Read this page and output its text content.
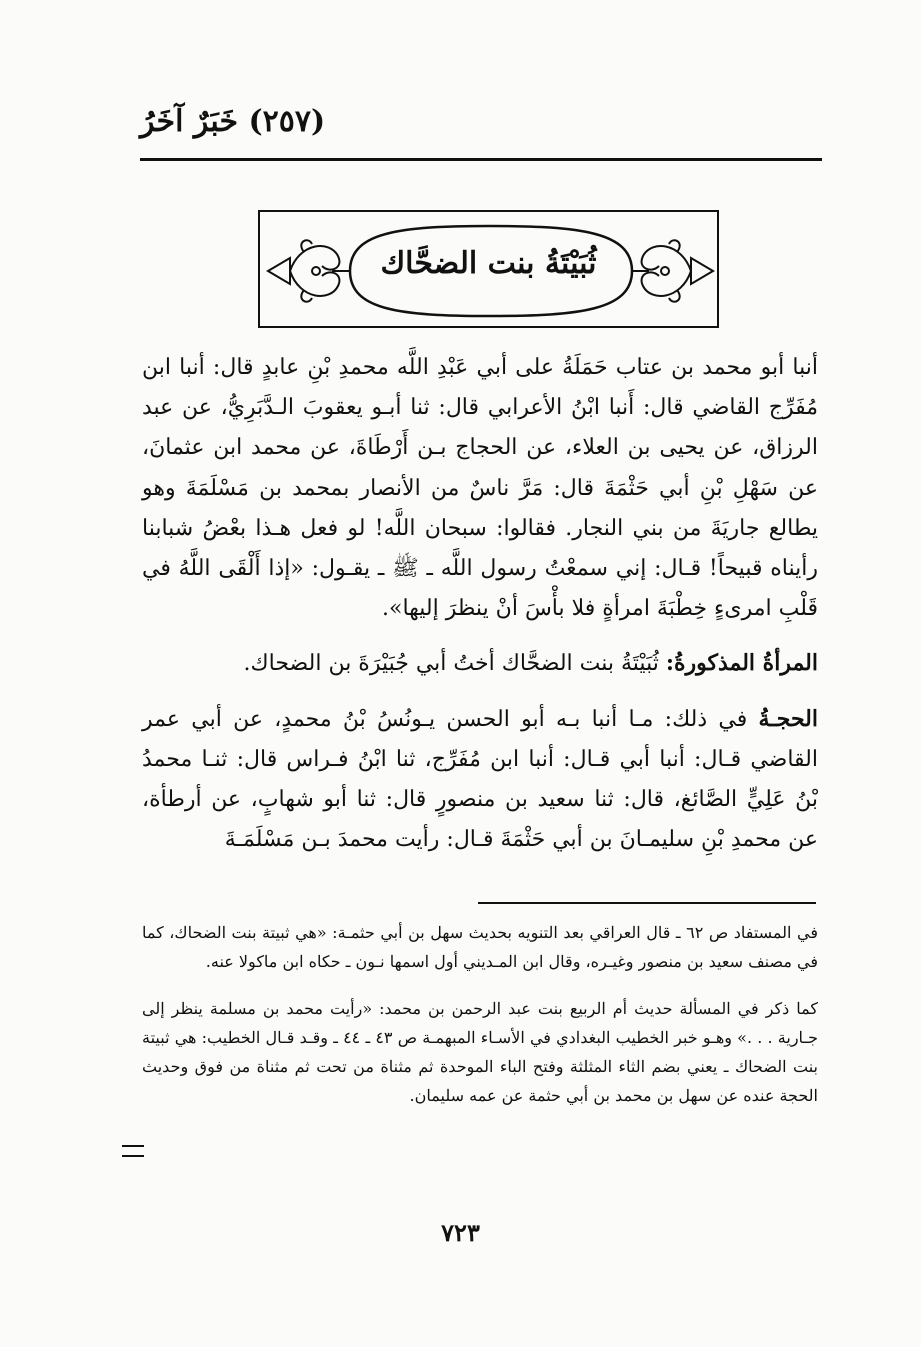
(٢٥٧) خَبَرٌ آخَرُ
ثُبَيْتَةُ بنت الضحَّاك

أنبا أبو محمد بن عتاب حَمَلَةُ على أبي عَبْدِ اللَّه محمدِ بْنِ عابدٍ قال: أنبا ابن مُفَرِّج القاضي قال: أَنبا ابْنُ الأعرابي قال: ثنا أبـو يعقوبَ الـدَّبَرِيُّ، عن عبد الرزاق، عن يحيى بن العلاء، عن الحجاج بـن أَرْطَاةَ، عن محمد ابن عثمانَ، عن سَهْلِ بْنِ أبي حَثْمَةَ قال: مَرَّ ناسٌ من الأنصار بمحمد بن مَسْلَمَةَ وهو يطالع جاريَةَ من بني النجار. فقالوا: سبحان اللَّه! لو فعل هـذا بعْضُ شبابنا رأيناه قبيحاً! قـال: إني سمعْتُ رسول اللَّه ـ ﷺ ـ يقـول: «إذا أَلْقَى اللَّهُ في قَلْبِ امرىءٍ خِطْبَةَ امرأةٍ فلا بأْسَ أنْ ينظرَ إليها».

المرأةُ المذكورةُ: ثُبَيْتَةُ بنت الضحَّاك أختُ أبي جُبَيْرَةَ بن الضحاك.

الحجـةُ في ذلك: مـا أنبا بـه أبو الحسن يـونُسُ بْنُ محمدٍ، عن أبي عمر القاضي قـال: أنبا أبي قـال: أنبا ابن مُفَرِّج، ثنا ابْنُ فـراس قال: ثنـا محمدُ بْنُ عَلِيٍّ الصَّائغ، قال: ثنا سعيد بن منصورٍ قال: ثنا أبو شهابٍ، عن أرطأة، عن محمدِ بْنِ سليمـانَ بن أبي حَثْمَةَ قـال: رأيت محمدَ بـن مَسْلَمَـةَ

في المستفاد ص ٦٢ ـ قال العراقي بعد التنويه بحديث سهل بن أبي حثمـة: «هي ثبيتة بنت الضحاك، كما في مصنف سعيد بن منصور وغيـره، وقال ابن المـديني أول اسمها نـون ـ حكاه ابن ماكولا عنه.

كما ذكر في المسألة حديث أم الربيع بنت عبد الرحمن بن محمد: «رأيت محمد بن مسلمة ينظر إلى جـارية . . .» وهـو خبر الخطيب البغدادي في الأسـاء المبهمـة ص ٤٣ ـ ٤٤ ـ وقـد قـال الخطيب: هي ثبيتة بنت الضحاك ـ يعني بضم الثاء المثلثة وفتح الباء الموحدة ثم مثناة من تحت ثم مثناة من فوق وحديث الحجة عنده عن سهل بن محمد بن أبي حثمة عن عمه سليمان.

٧٢٣
